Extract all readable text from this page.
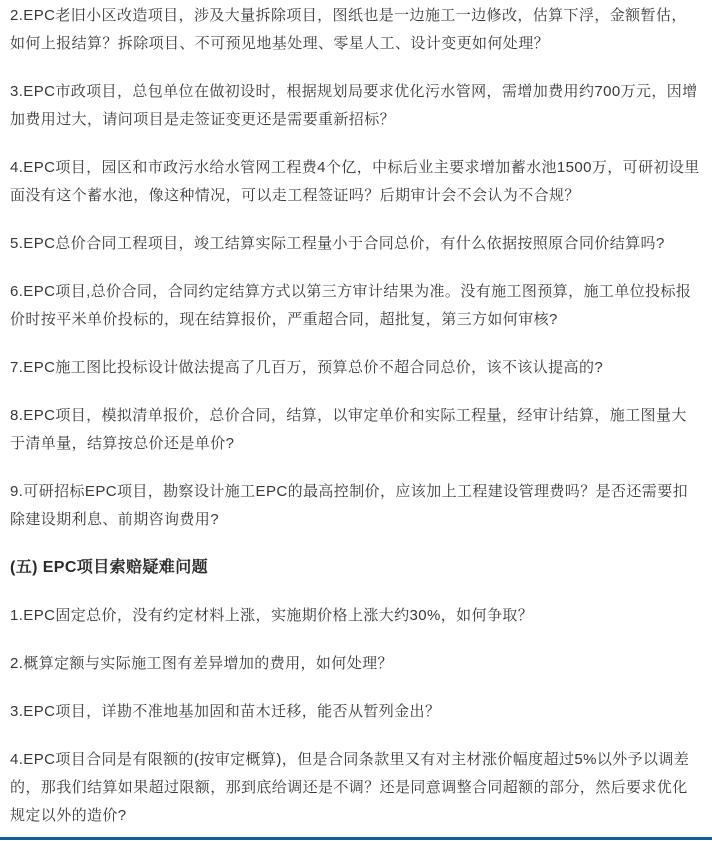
2.EPC老旧小区改造项目，涉及大量拆除项目，图纸也是一边施工一边修改，估算下浮，金额暂估，如何上报结算？拆除项目、不可预见地基处理、零星人工、设计变更如何处理？

3.EPC市政项目，总包单位在做初设时，根据规划局要求优化污水管网，需增加费用约700万元，因增加费用过大，请问项目是走签证变更还是需要重新招标？

4.EPC项目，园区和市政污水给水管网工程费4个亿，中标后业主要求增加蓄水池1500万，可研初设里面没有这个蓄水池，像这种情况，可以走工程签证吗？后期审计会不会认为不合规？

5.EPC总价合同工程项目，竣工结算实际工程量小于合同总价，有什么依据按照原合同价结算吗?

6.EPC项目,总价合同，合同约定结算方式以第三方审计结果为准。没有施工图预算，施工单位投标报价时按平米单价投标的，现在结算报价，严重超合同，超批复，第三方如何审核?

7.EPC施工图比投标设计做法提高了几百万，预算总价不超合同总价，该不该认提高的?

8.EPC项目，模拟清单报价，总价合同，结算，以审定单价和实际工程量，经审计结算，施工图量大于清单量，结算按总价还是单价?

9.可研招标EPC项目，勘察设计施工EPC的最高控制价，应该加上工程建设管理费吗？是否还需要扣除建设期利息、前期咨询费用?

(五) EPC项目索赔疑难问题

1.EPC固定总价，没有约定材料上涨，实施期价格上涨大约30%，如何争取？

2.概算定额与实际施工图有差异增加的费用，如何处理？

3.EPC项目，详勘不准地基加固和苗木迁移，能否从暂列金出？

4.EPC项目合同是有限额的(按审定概算)，但是合同条款里又有对主材涨价幅度超过5%以外予以调差的，那我们结算如果超过限额，那到底给调还是不调？还是同意调整合同超额的部分，然后要求优化规定以外的造价?
